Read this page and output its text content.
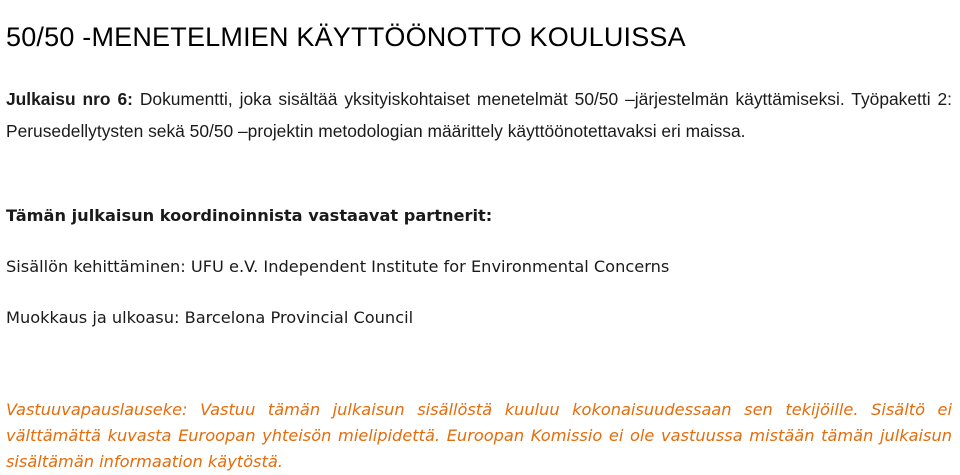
50/50 -MENETELMIEN KÄYTTÖÖNOTTO KOULUISSA

Julkaisu nro 6: Dokumentti, joka sisältää yksityiskohtaiset menetelmät 50/50 –järjestelmän käyttämiseksi. Työpaketti 2: Perusedellytysten sekä 50/50 –projektin metodologian määrittely käyttöönotettavaksi eri maissa.

Tämän julkaisun koordinoinnista vastaavat partnerit:
Sisällön kehittäminen: UFU e.V. Independent Institute for Environmental Concerns
Muokkaus ja ulkoasu: Barcelona Provincial Council

Vastuuvapauslauseke: Vastuu tämän julkaisun sisällöstä kuuluu kokonaisuudessaan sen tekijöille. Sisältö ei välttämättä kuvasta Euroopan yhteisön mielipidettä. Euroopan Komissio ei ole vastuussa mistään tämän julkaisun sisältämän informaation käytöstä.
